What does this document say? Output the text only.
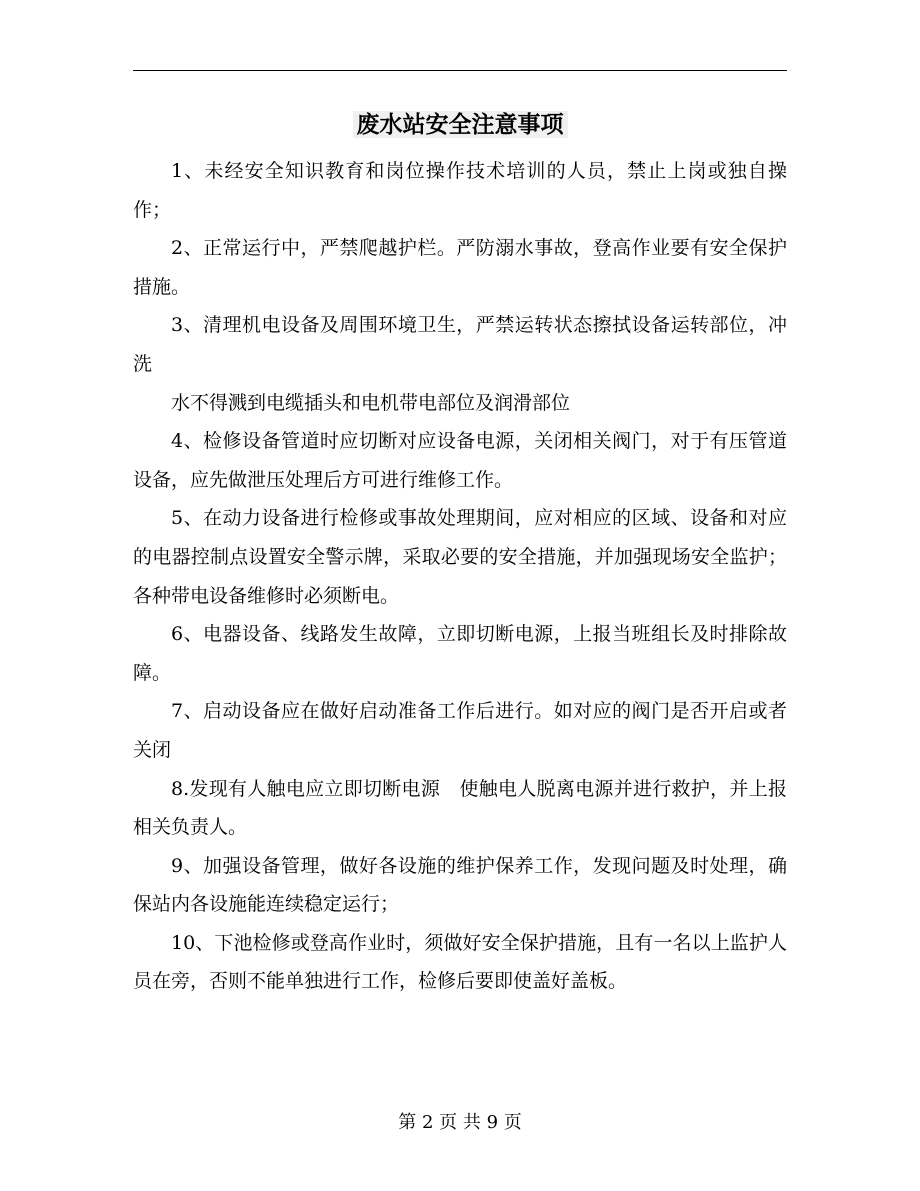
废水站安全注意事项

1、未经安全知识教育和岗位操作技术培训的人员，禁止上岗或独自操作；

2、正常运行中，严禁爬越护栏。严防溺水事故，登高作业要有安全保护措施。

3、清理机电设备及周围环境卫生，严禁运转状态擦拭设备运转部位，冲洗

水不得溅到电缆插头和电机带电部位及润滑部位

4、检修设备管道时应切断对应设备电源，关闭相关阀门，对于有压管道设备，应先做泄压处理后方可进行维修工作。

5、在动力设备进行检修或事故处理期间，应对相应的区域、设备和对应的电器控制点设置安全警示牌，采取必要的安全措施，并加强现场安全监护；各种带电设备维修时必须断电。

6、电器设备、线路发生故障，立即切断电源，上报当班组长及时排除故障。

7、启动设备应在做好启动准备工作后进行。如对应的阀门是否开启或者关闭

8.发现有人触电应立即切断电源　使触电人脱离电源并进行救护，并上报相关负责人。

9、加强设备管理，做好各设施的维护保养工作，发现问题及时处理，确保站内各设施能连续稳定运行；

10、下池检修或登高作业时，须做好安全保护措施，且有一名以上监护人员在旁，否则不能单独进行工作，检修后要即使盖好盖板。

第 2 页 共 9 页
